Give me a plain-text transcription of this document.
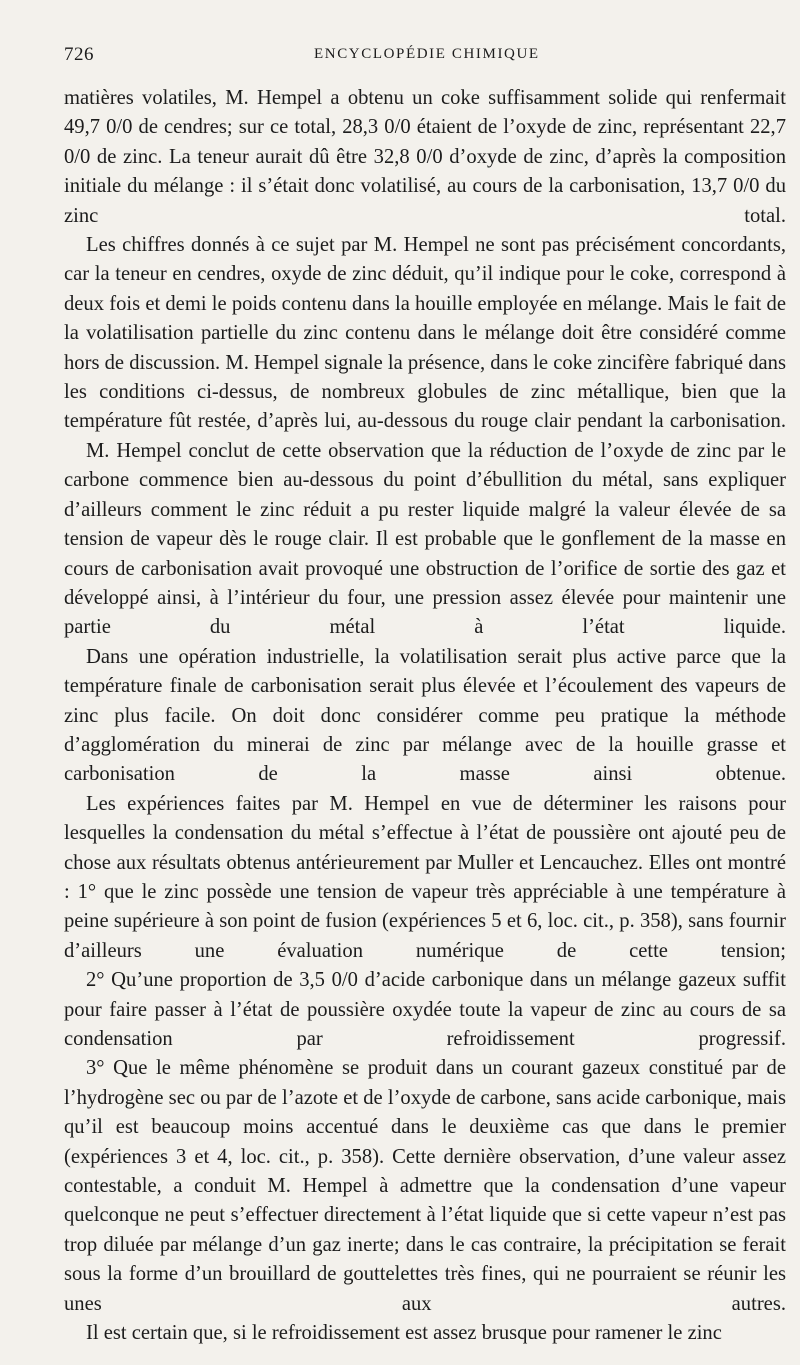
726	ENCYCLOPÉDIE CHIMIQUE

matières volatiles, M. Hempel a obtenu un coke suffisamment solide qui renfermait 49,7 0/0 de cendres; sur ce total, 28,3 0/0 étaient de l’oxyde de zinc, représentant 22,7 0/0 de zinc. La teneur aurait dû être 32,8 0/0 d’oxyde de zinc, d’après la composition initiale du mélange : il s’était donc volatilisé, au cours de la carbonisation, 13,7 0/0 du zinc total.

Les chiffres donnés à ce sujet par M. Hempel ne sont pas précisément concordants, car la teneur en cendres, oxyde de zinc déduit, qu’il indique pour le coke, correspond à deux fois et demi le poids contenu dans la houille employée en mélange. Mais le fait de la volatilisation partielle du zinc contenu dans le mélange doit être considéré comme hors de discussion. M. Hempel signale la présence, dans le coke zincifère fabriqué dans les conditions ci-dessus, de nombreux globules de zinc métallique, bien que la température fût restée, d’après lui, au-dessous du rouge clair pendant la carbonisation.

M. Hempel conclut de cette observation que la réduction de l’oxyde de zinc par le carbone commence bien au-dessous du point d’ébullition du métal, sans expliquer d’ailleurs comment le zinc réduit a pu rester liquide malgré la valeur élevée de sa tension de vapeur dès le rouge clair. Il est probable que le gonflement de la masse en cours de carbonisation avait provoqué une obstruction de l’orifice de sortie des gaz et développé ainsi, à l’intérieur du four, une pression assez élevée pour maintenir une partie du métal à l’état liquide.

Dans une opération industrielle, la volatilisation serait plus active parce que la température finale de carbonisation serait plus élevée et l’écoulement des vapeurs de zinc plus facile. On doit donc considérer comme peu pratique la méthode d’agglomération du minerai de zinc par mélange avec de la houille grasse et carbonisation de la masse ainsi obtenue.

Les expériences faites par M. Hempel en vue de déterminer les raisons pour lesquelles la condensation du métal s’effectue à l’état de poussière ont ajouté peu de chose aux résultats obtenus antérieurement par Muller et Lencauchez. Elles ont montré : 1° que le zinc possède une tension de vapeur très appréciable à une température à peine supérieure à son point de fusion (expériences 5 et 6, loc. cit., p. 358), sans fournir d’ailleurs une évaluation numérique de cette tension;

2° Qu’une proportion de 3,5 0/0 d’acide carbonique dans un mélange gazeux suffit pour faire passer à l’état de poussière oxydée toute la vapeur de zinc au cours de sa condensation par refroidissement progressif.

3° Que le même phénomène se produit dans un courant gazeux constitué par de l’hydrogène sec ou par de l’azote et de l’oxyde de carbone, sans acide carbonique, mais qu’il est beaucoup moins accentué dans le deuxième cas que dans le premier (expériences 3 et 4, loc. cit., p. 358). Cette dernière observation, d’une valeur assez contestable, a conduit M. Hempel à admettre que la condensation d’une vapeur quelconque ne peut s’effectuer directement à l’état liquide que si cette vapeur n’est pas trop diluée par mélange d’un gaz inerte; dans le cas contraire, la précipitation se ferait sous la forme d’un brouillard de gouttelettes très fines, qui ne pourraient se réunir les unes aux autres.

Il est certain que, si le refroidissement est assez brusque pour ramener le zinc
